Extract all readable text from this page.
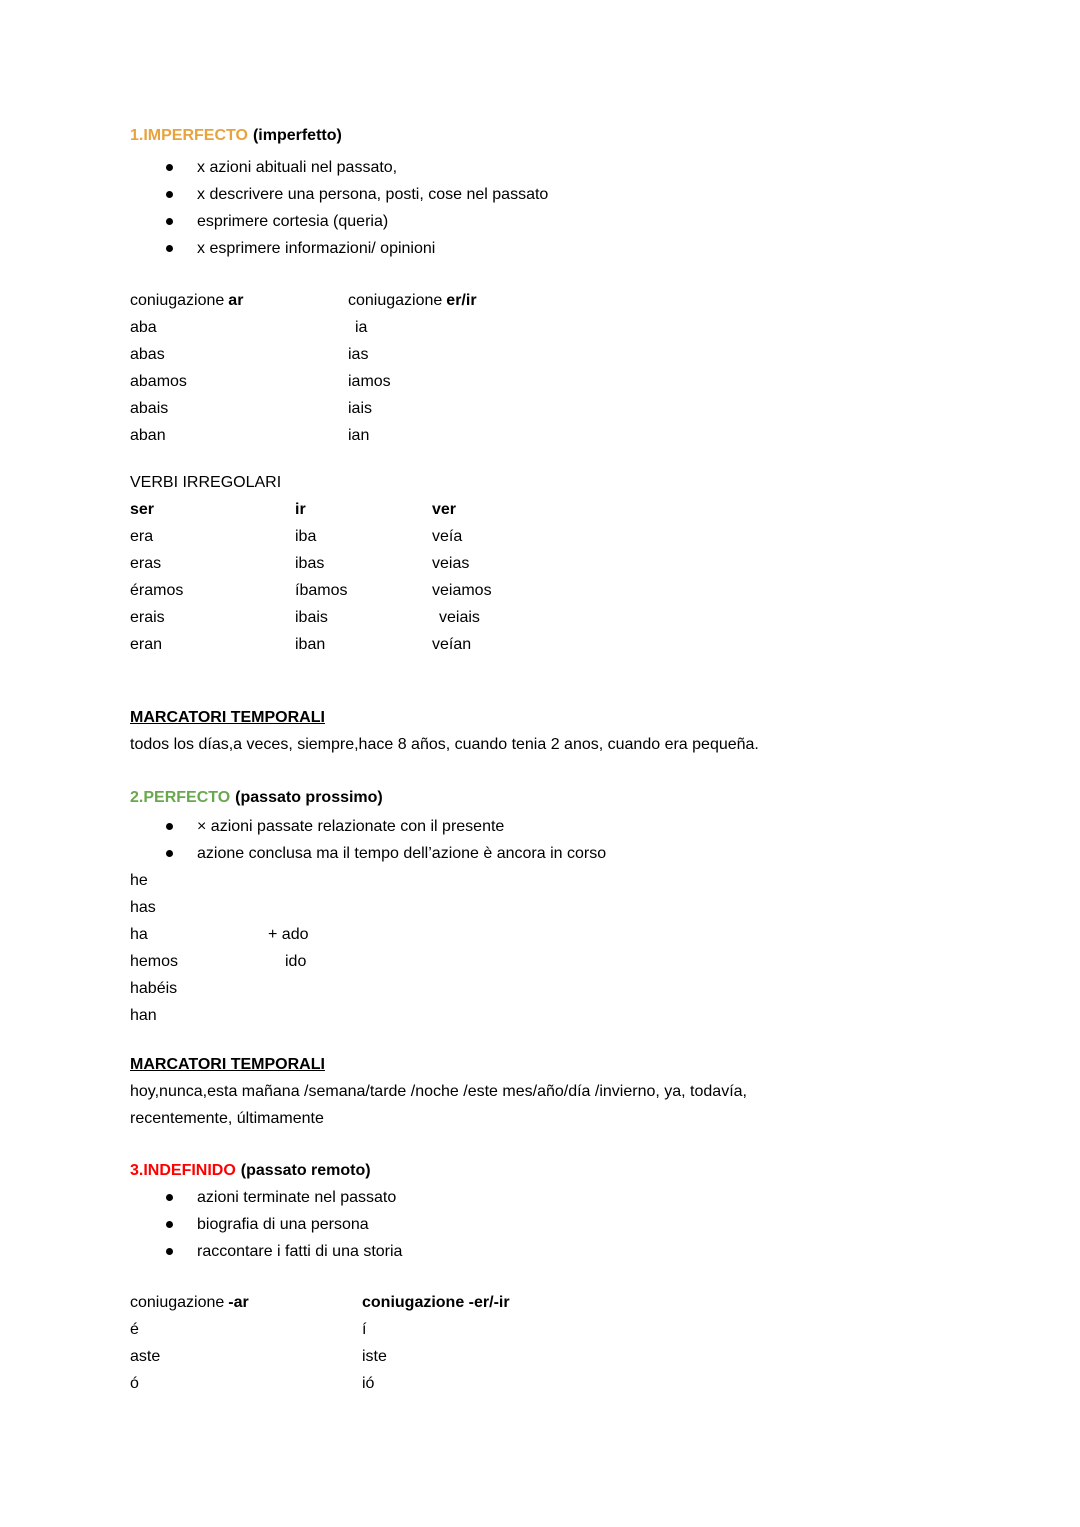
1.IMPERFECTO (imperfetto)
x azioni abituali nel passato,
x descrivere una persona, posti, cose nel passato
esprimere cortesia (queria)
x esprimere informazioni/ opinioni
coniugazione ar	coniugazione er/ir
aba	ia
abas	ias
abamos	iamos
abais	iais
aban	ian
VERBI IRREGOLARI
ser	ir	ver
era	iba	veía
eras	ibas	veias
éramos	íbamos	veiamos
erais	ibais	veiais
eran	iban	veían
MARCATORI TEMPORALI
todos los días,a veces, siempre,hace 8 años, cuando tenia 2 anos, cuando era pequeña.
2.PERFECTO (passato prossimo)
× azioni passate relazionate con il presente
azione conclusa ma il tempo dell’azione è ancora in corso
he
has
ha	+ ado
hemos	ido
habéis
han
MARCATORI TEMPORALI
hoy,nunca,esta mañana /semana/tarde /noche /este mes/año/día /invierno, ya, todavía,
recentemente, últimamente
3.INDEFINIDO (passato remoto)
azioni terminate nel passato
biografia di una persona
raccontare i fatti di una storia
coniugazione -ar	coniugazione -er/-ir
é	í
aste	iste
ó	ió
